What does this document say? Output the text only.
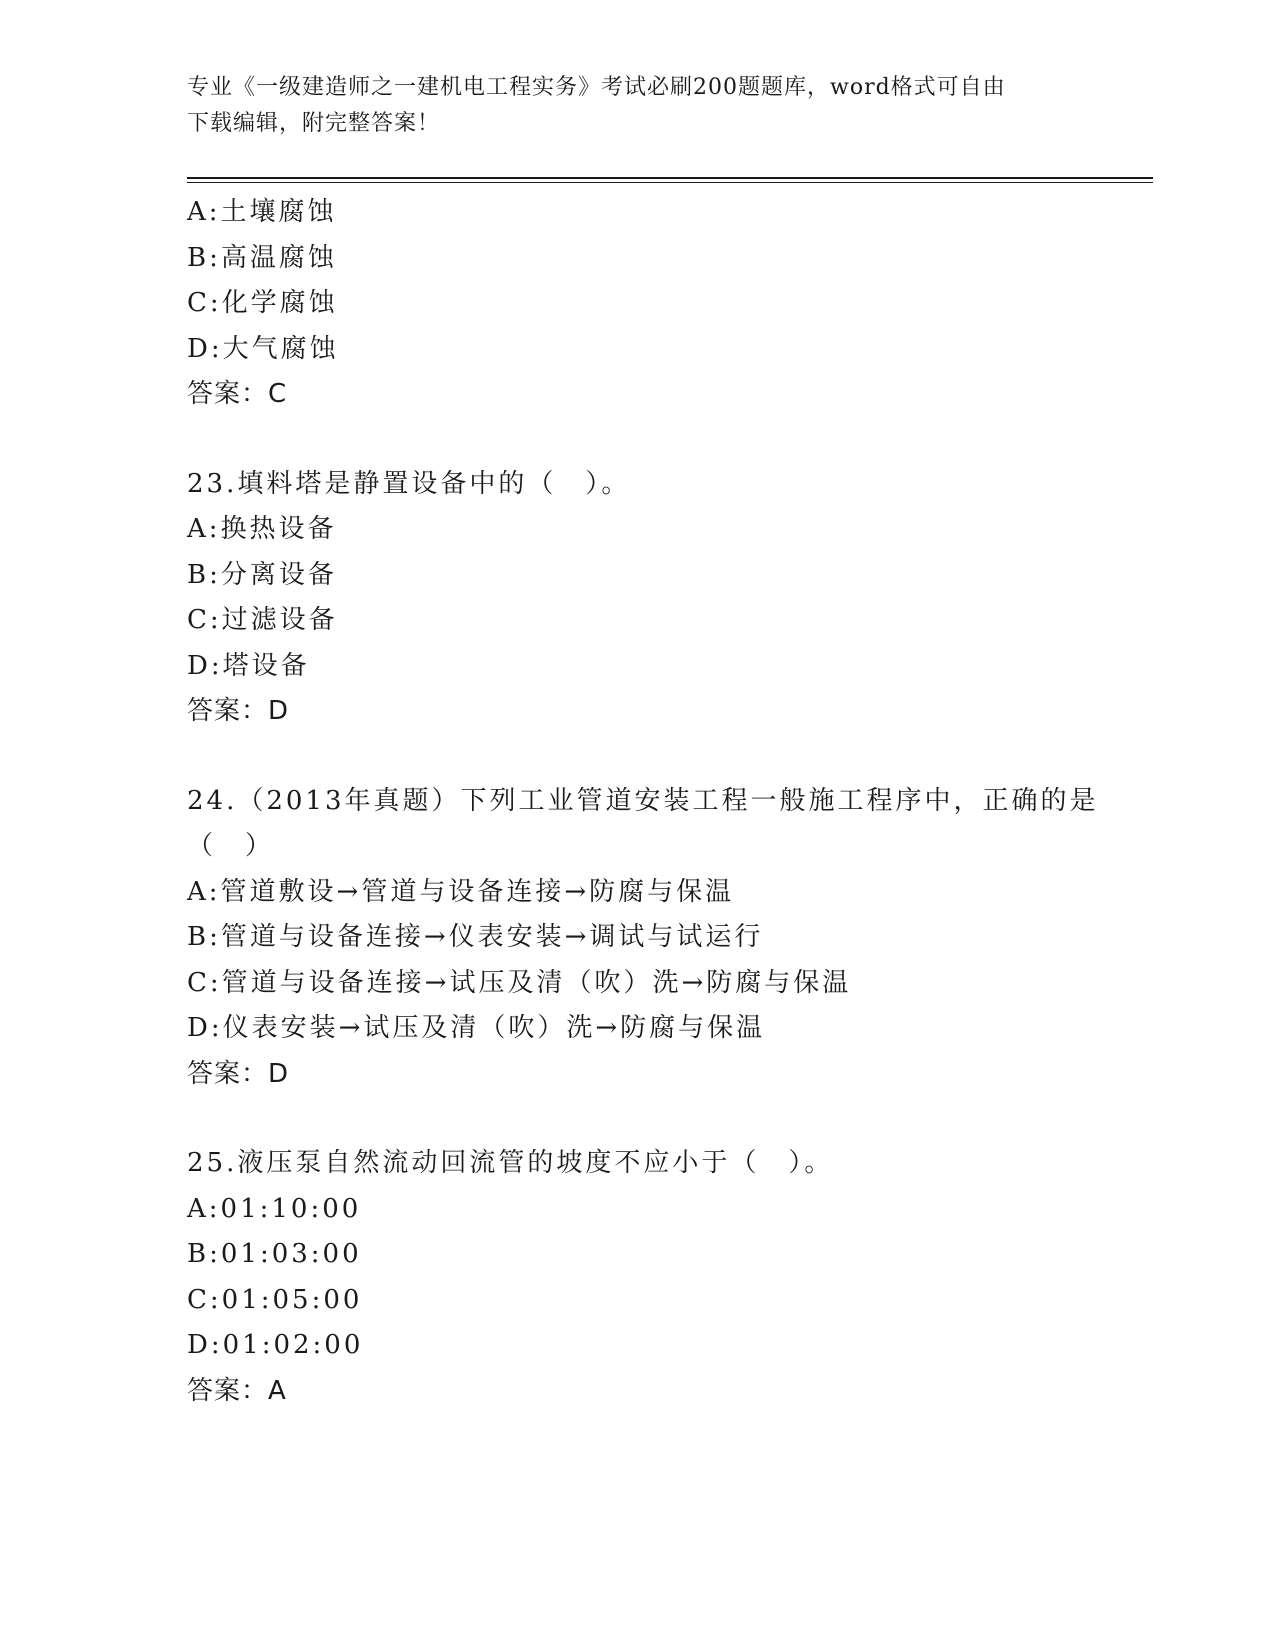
专业《一级建造师之一建机电工程实务》考试必刷200题题库，word格式可自由
下载编辑，附完整答案！
A:土壤腐蚀
B:高温腐蚀
C:化学腐蚀
D:大气腐蚀
答案：C
23.填料塔是静置设备中的（　）。
A:换热设备
B:分离设备
C:过滤设备
D:塔设备
答案：D
24.（2013年真题）下列工业管道安装工程一般施工程序中，正确的是
（　）
A:管道敷设→管道与设备连接→防腐与保温
B:管道与设备连接→仪表安装→调试与试运行
C:管道与设备连接→试压及清（吹）洗→防腐与保温
D:仪表安装→试压及清（吹）洗→防腐与保温
答案：D
25.液压泵自然流动回流管的坡度不应小于（　）。
A:01:10:00
B:01:03:00
C:01:05:00
D:01:02:00
答案：A
